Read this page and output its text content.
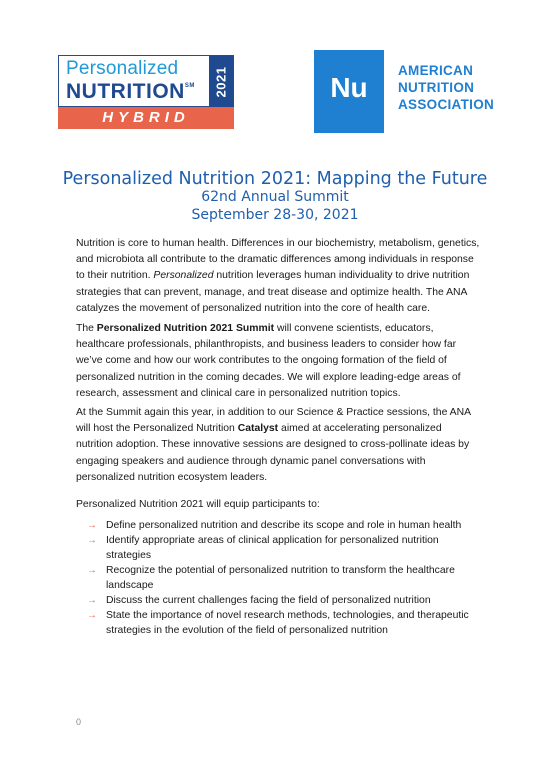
Personalized
NUTRITION℠ 2021
HYBRID
Nu
AMERICAN
NUTRITION
ASSOCIATION
Personalized Nutrition 2021: Mapping the Future
62nd Annual Summit
September 28-30, 2021

Nutrition is core to human health. Differences in our biochemistry, metabolism, genetics, and microbiota all contribute to the dramatic differences among individuals in response to their nutrition. Personalized nutrition leverages human individuality to drive nutrition strategies that can prevent, manage, and treat disease and optimize health. The ANA catalyzes the movement of personalized nutrition into the core of health care.

The Personalized Nutrition 2021 Summit will convene scientists, educators, healthcare professionals, philanthropists, and business leaders to consider how far we’ve come and how our work contributes to the ongoing formation of the field of personalized nutrition in the coming decades. We will explore leading-edge areas of research, assessment and clinical care in personalized nutrition topics.

At the Summit again this year, in addition to our Science & Practice sessions, the ANA will host the Personalized Nutrition Catalyst aimed at accelerating personalized nutrition adoption. These innovative sessions are designed to cross-pollinate ideas by engaging speakers and audience through dynamic panel conversations with personalized nutrition ecosystem leaders.

Personalized Nutrition 2021 will equip participants to:

→ Define personalized nutrition and describe its scope and role in human health
→ Identify appropriate areas of clinical application for personalized nutrition strategies
→ Recognize the potential of personalized nutrition to transform the healthcare landscape
→ Discuss the current challenges facing the field of personalized nutrition
→ State the importance of novel research methods, technologies, and therapeutic strategies in the evolution of the field of personalized nutrition
0
